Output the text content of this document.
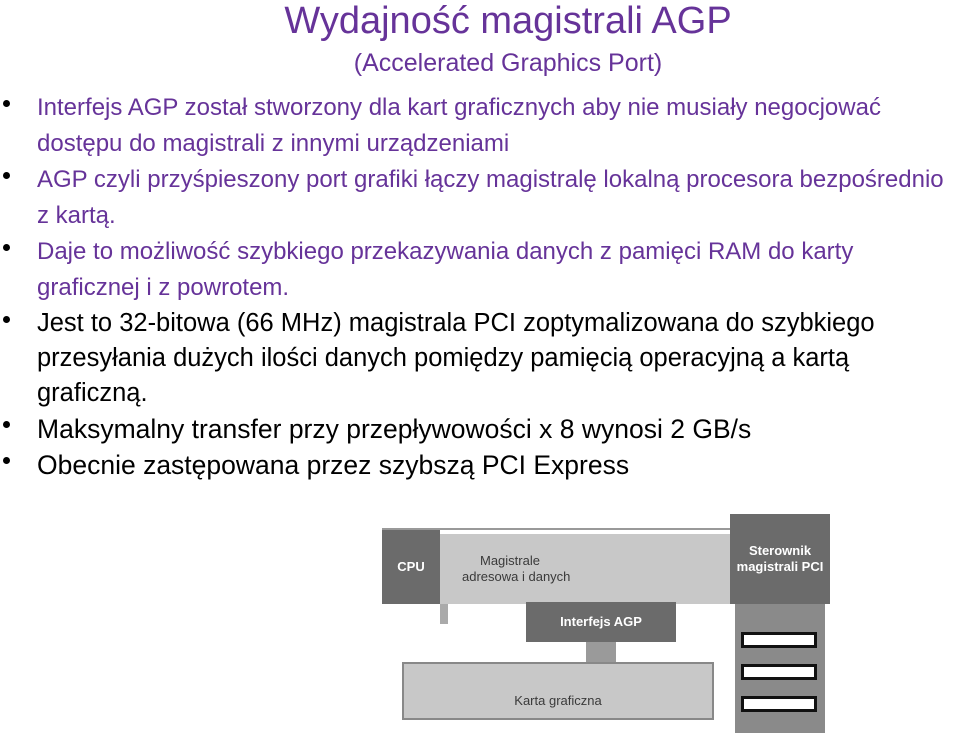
Wydajność magistrali AGP
(Accelerated Graphics Port)
Interfejs AGP został stworzony dla kart graficznych aby nie musiały negocjować dostępu do magistrali z innymi urządzeniami
AGP czyli przyśpieszony port grafiki łączy magistralę lokalną procesora bezpośrednio z kartą.
Daje to możliwość szybkiego przekazywania danych z pamięci RAM do karty graficznej i z powrotem.
Jest to 32-bitowa (66 MHz) magistrala PCI zoptymalizowana do szybkiego przesyłania dużych ilości danych pomiędzy pamięcią operacyjną a kartą graficzną.
Maksymalny transfer przy przepływowości x 8 wynosi 2 GB/s
Obecnie zastępowana przez szybszą PCI Express
CPU	Magistrale
adresowa i danych
Sterownik
magistrali PCI
Interfejs AGP
Karta graficzna
